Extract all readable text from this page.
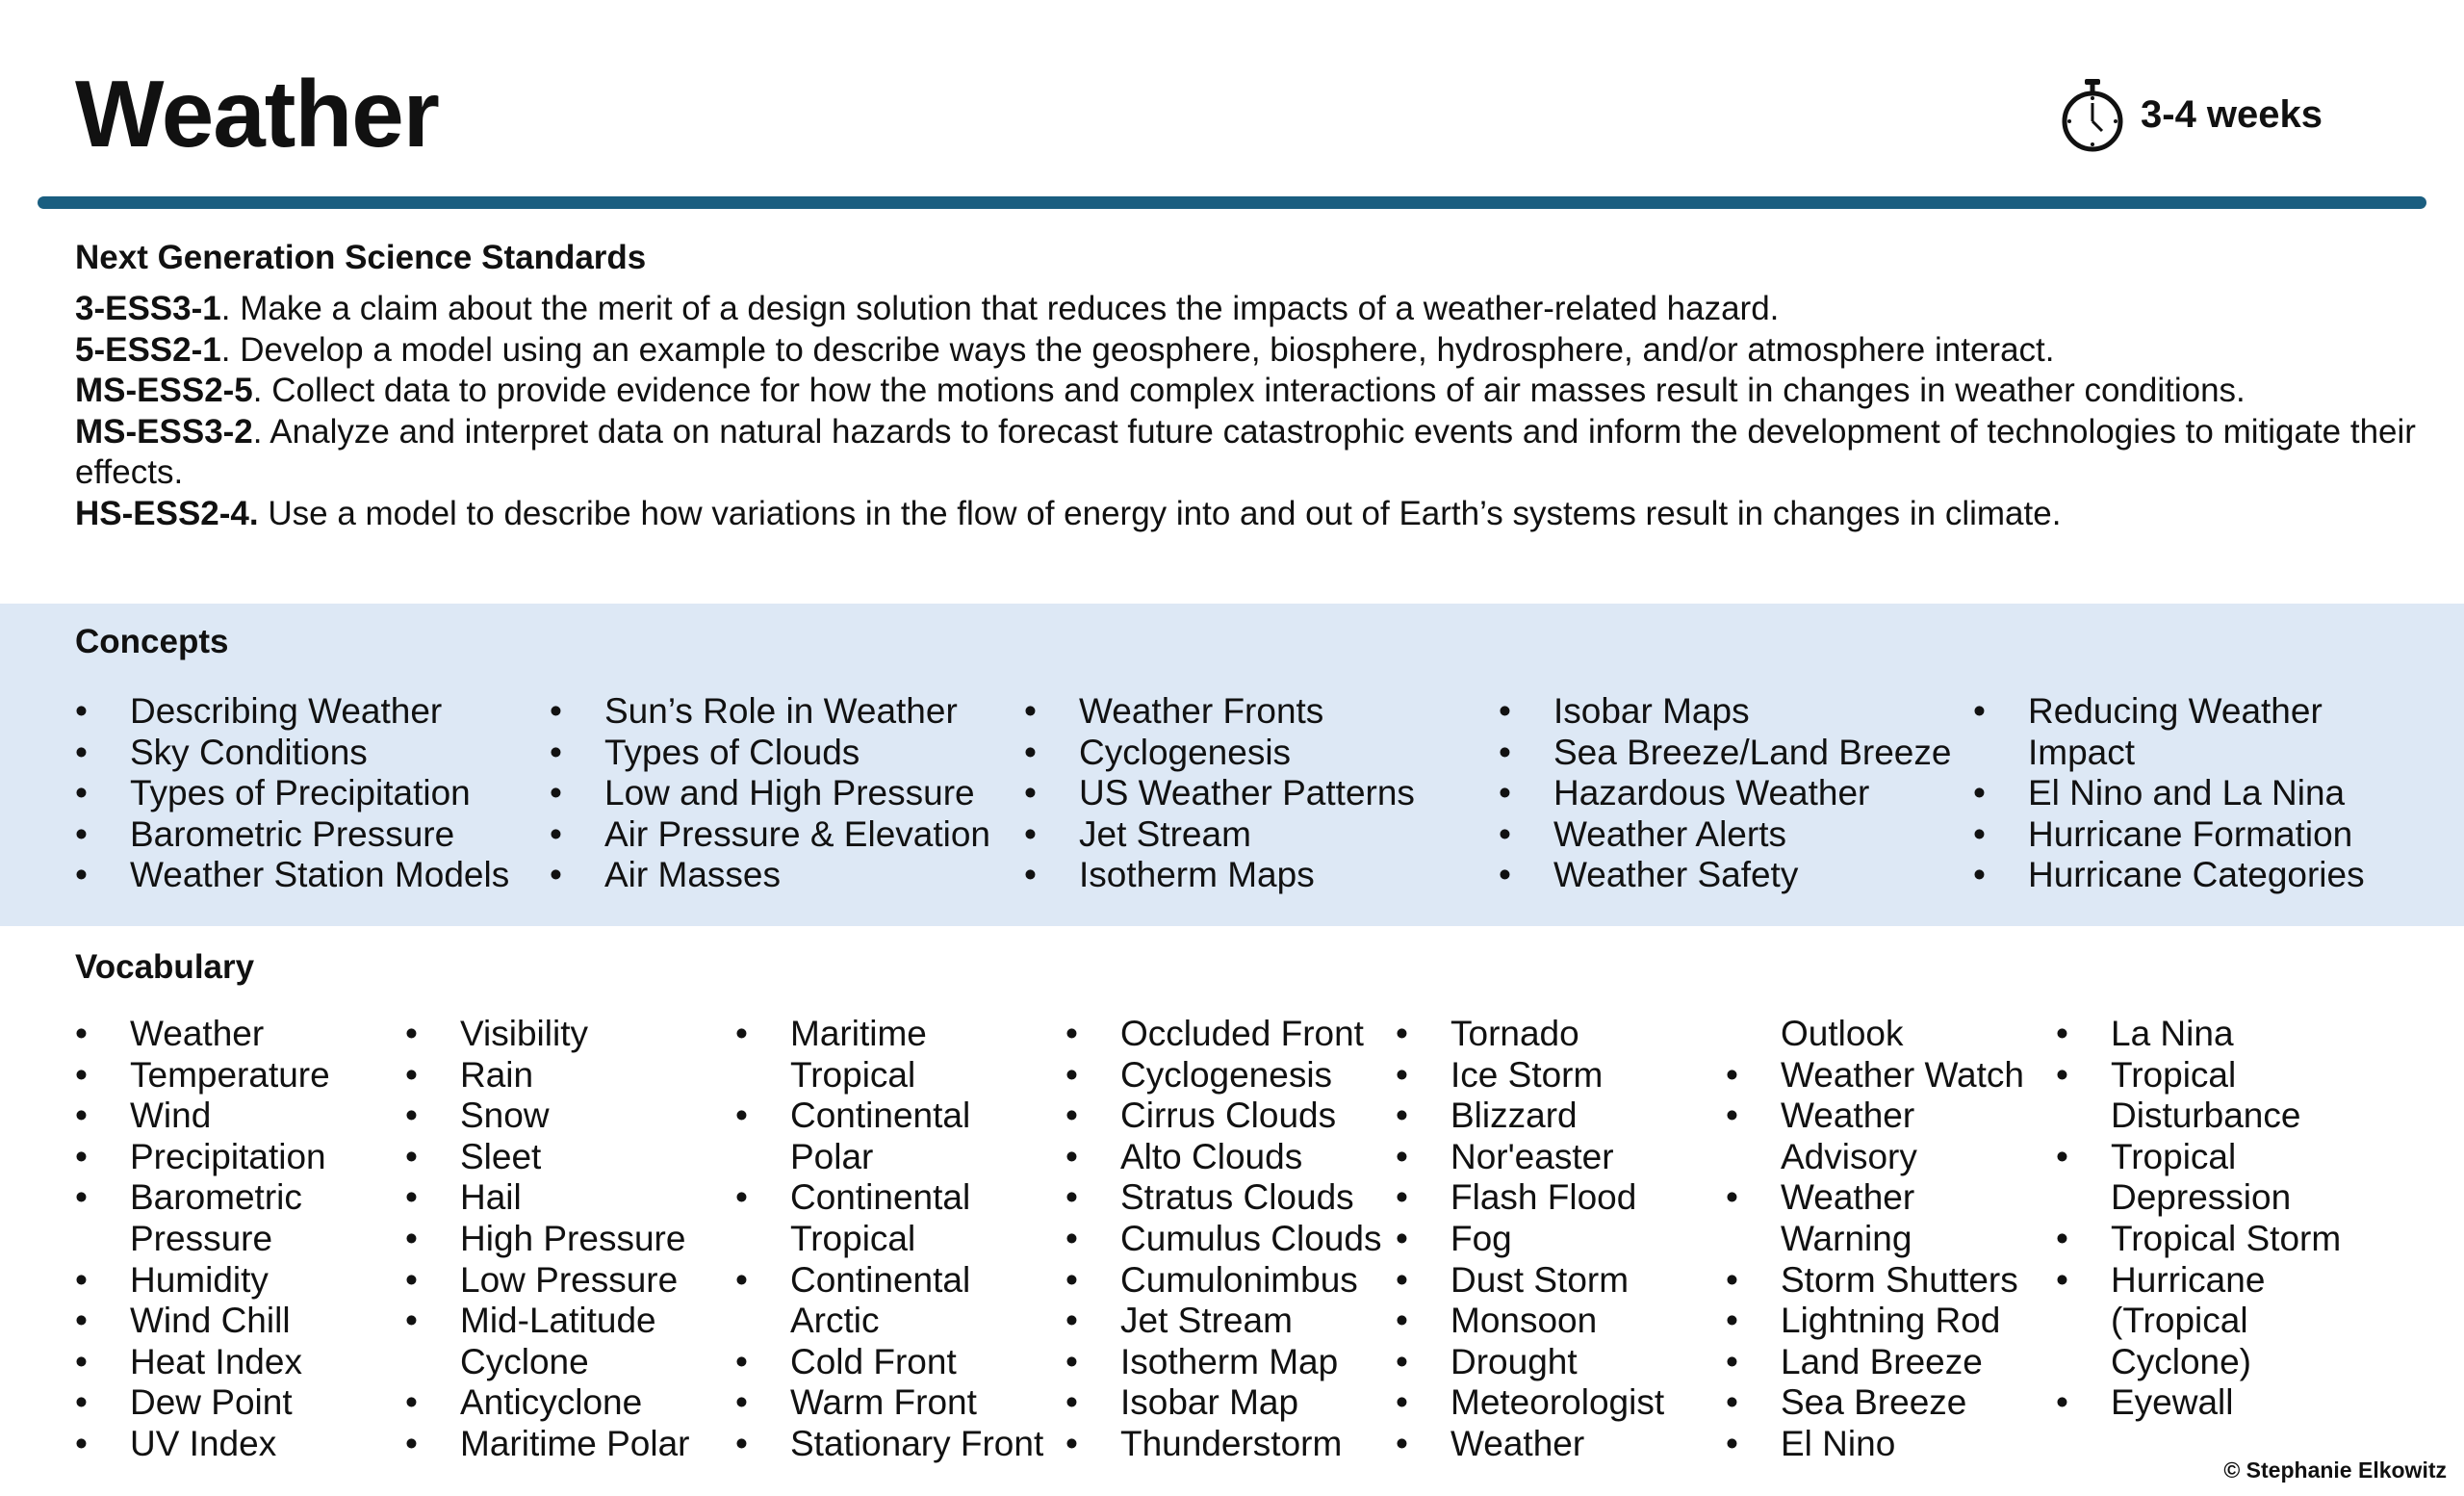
Weather	3-4 weeks
Next Generation Science Standards
3-ESS3-1. Make a claim about the merit of a design solution that reduces the impacts of a weather-related hazard.
5-ESS2-1. Develop a model using an example to describe ways the geosphere, biosphere, hydrosphere, and/or atmosphere interact.
MS-ESS2-5. Collect data to provide evidence for how the motions and complex interactions of air masses result in changes in weather conditions.
MS-ESS3-2. Analyze and interpret data on natural hazards to forecast future catastrophic events and inform the development of technologies to mitigate their effects.
HS-ESS2-4. Use a model to describe how variations in the flow of energy into and out of Earth’s systems result in changes in climate.
Concepts
• Describing Weather
• Sky Conditions
• Types of Precipitation
• Barometric Pressure
• Weather Station Models
• Sun’s Role in Weather
• Types of Clouds
• Low and High Pressure
• Air Pressure & Elevation
• Air Masses
• Weather Fronts
• Cyclogenesis
• US Weather Patterns
• Jet Stream
• Isotherm Maps
• Isobar Maps
• Sea Breeze/Land Breeze
• Hazardous Weather
• Weather Alerts
• Weather Safety
• Reducing Weather
Impact
• El Nino and La Nina
• Hurricane Formation
• Hurricane Categories
Vocabulary
• Weather
• Temperature
• Wind
• Precipitation
• Barometric
Pressure
• Humidity
• Wind Chill
• Heat Index
• Dew Point
• UV Index
• Visibility
• Rain
• Snow
• Sleet
• Hail
• High Pressure
• Low Pressure
• Mid-Latitude
Cyclone
• Anticyclone
• Maritime Polar
• Maritime
Tropical
• Continental
Polar
• Continental
Tropical
• Continental
Arctic
• Cold Front
• Warm Front
• Stationary Front
• Occluded Front
• Cyclogenesis
• Cirrus Clouds
• Alto Clouds
• Stratus Clouds
• Cumulus Clouds
• Cumulonimbus
• Jet Stream
• Isotherm Map
• Isobar Map
• Thunderstorm
• Tornado
• Ice Storm
• Blizzard
• Nor'easter
• Flash Flood
• Fog
• Dust Storm
• Monsoon
• Drought
• Meteorologist
• Weather
Outlook
• Weather Watch
• Weather
Advisory
• Weather
Warning
• Storm Shutters
• Lightning Rod
• Land Breeze
• Sea Breeze
• El Nino
• La Nina
• Tropical
Disturbance
• Tropical
Depression
• Tropical Storm
• Hurricane
(Tropical
Cyclone)
• Eyewall
© Stephanie Elkowitz
